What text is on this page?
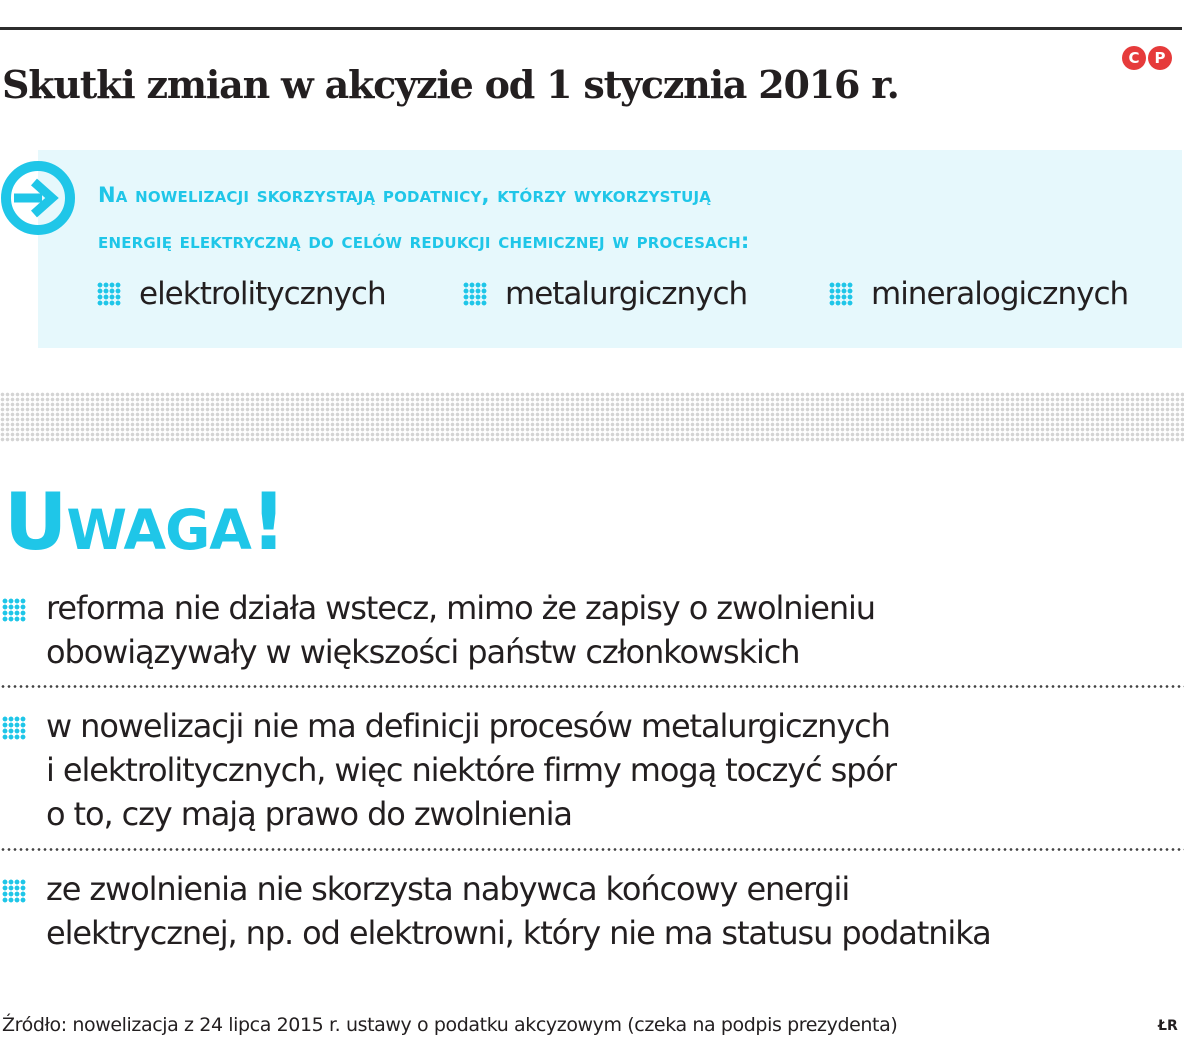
C	P
Skutki zmian w akcyzie od 1 stycznia 2016 r.

Na nowelizacji skorzystają podatnicy, którzy wykorzystują
energię elektryczną do celów redukcji chemicznej w procesach:

elektrolitycznych	metalurgicznych	mineralogicznych
Uwaga!
reforma nie działa wstecz, mimo że zapisy o zwolnieniu
obowiązywały w większości państw członkowskich
w nowelizacji nie ma definicji procesów metalurgicznych
i elektrolitycznych, więc niektóre firmy mogą toczyć spór
o to, czy mają prawo do zwolnienia
ze zwolnienia nie skorzysta nabywca końcowy energii
elektrycznej, np. od elektrowni, który nie ma statusu podatnika
Źródło: nowelizacja z 24 lipca 2015 r. ustawy o podatku akcyzowym (czeka na podpis prezydenta)	ŁR
